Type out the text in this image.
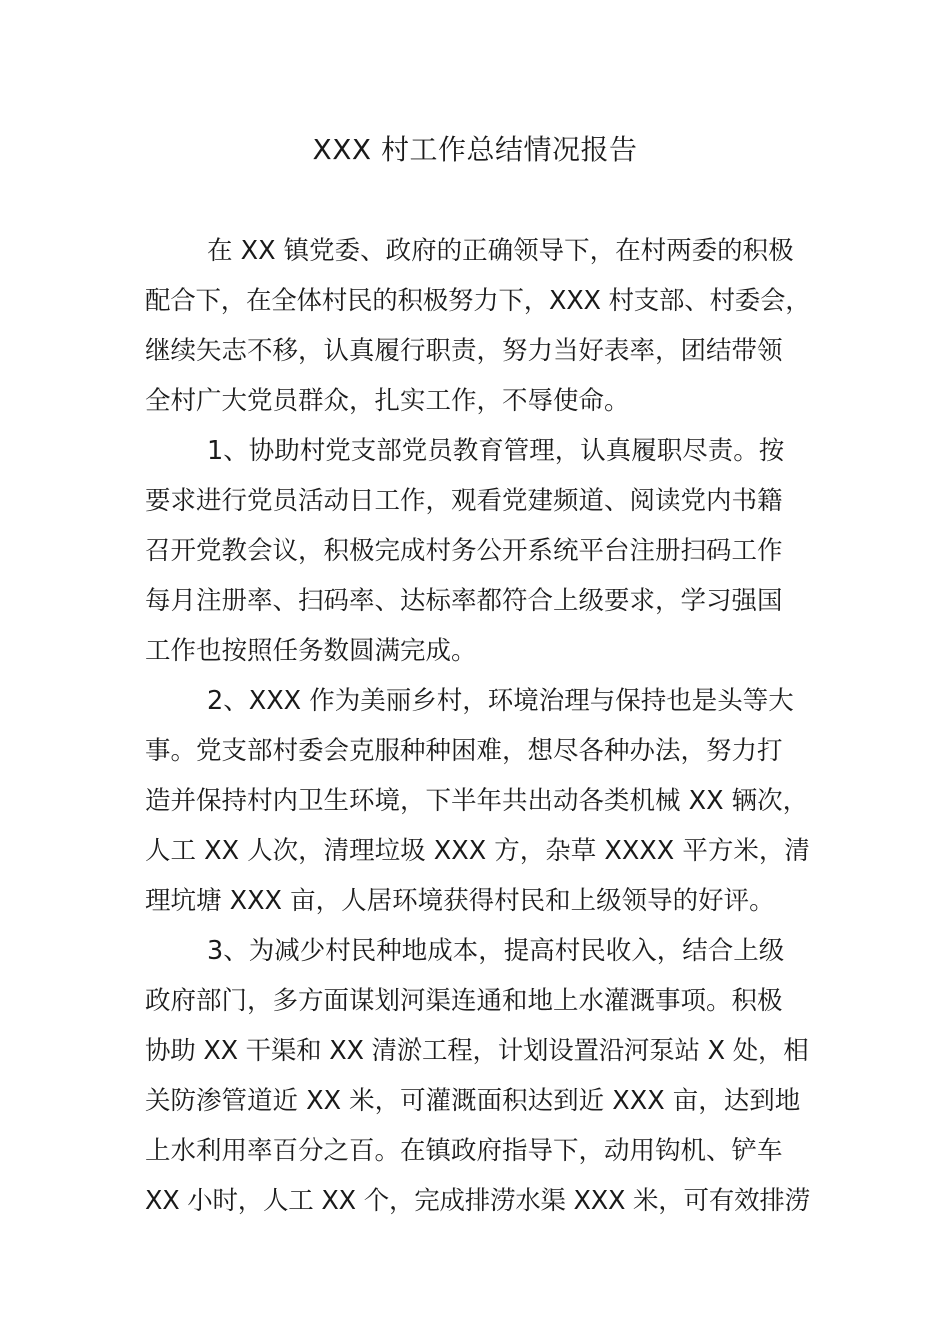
XXX 村工作总结情况报告
在 XX 镇党委、政府的正确领导下，在村两委的积极
配合下，在全体村民的积极努力下，XXX 村支部、村委会，
继续矢志不移，认真履行职责，努力当好表率，团结带领
全村广大党员群众，扎实工作，不辱使命。
1、协助村党支部党员教育管理，认真履职尽责。按
要求进行党员活动日工作，观看党建频道、阅读党内书籍
召开党教会议，积极完成村务公开系统平台注册扫码工作
每月注册率、扫码率、达标率都符合上级要求，学习强国
工作也按照任务数圆满完成。
2、XXX 作为美丽乡村，环境治理与保持也是头等大
事。党支部村委会克服种种困难，想尽各种办法，努力打
造并保持村内卫生环境，下半年共出动各类机械 XX 辆次，
人工 XX 人次，清理垃圾 XXX 方，杂草 XXXX 平方米，清
理坑塘 XXX 亩，人居环境获得村民和上级领导的好评。
3、为减少村民种地成本，提高村民收入，结合上级
政府部门，多方面谋划河渠连通和地上水灌溉事项。积极
协助 XX 干渠和 XX 清淤工程，计划设置沿河泵站 X 处，相
关防渗管道近 XX 米，可灌溉面积达到近 XXX 亩，达到地
上水利用率百分之百。在镇政府指导下，动用钩机、铲车
XX 小时，人工 XX 个，完成排涝水渠 XXX 米，可有效排涝
